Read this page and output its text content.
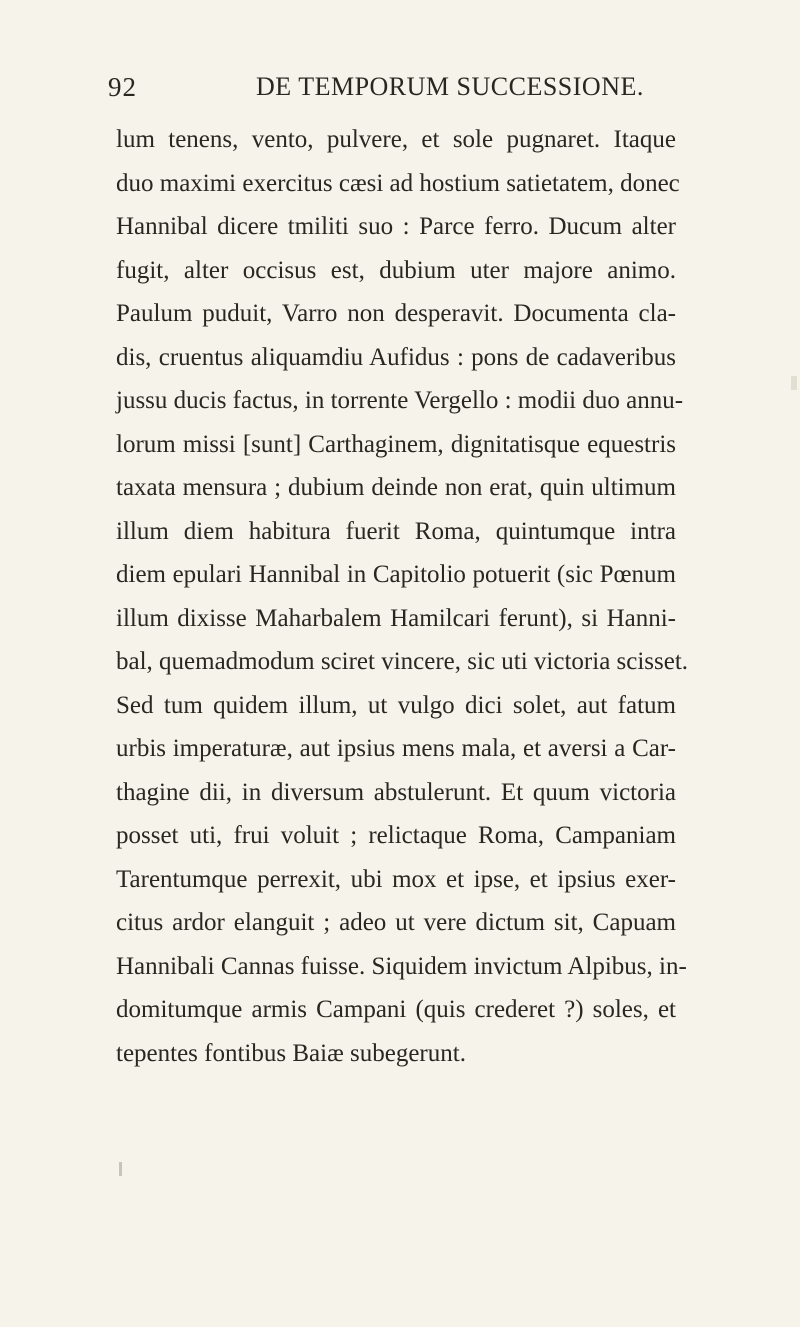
92	DE TEMPORUM SUCCESSIONE.
lum tenens, vento, pulvere, et sole pugnaret. Itaque
duo maximi exercitus cæsi ad hostium satietatem, donec
Hannibal dicere tmiliti suo : Parce ferro. Ducum alter
fugit, alter occisus est, dubium uter majore animo.
Paulum puduit, Varro non desperavit. Documenta cla-
dis, cruentus aliquamdiu Aufidus : pons de cadaveribus
jussu ducis factus, in torrente Vergello : modii duo annu-
lorum missi [sunt] Carthaginem, dignitatisque equestris
taxata mensura ; dubium deinde non erat, quin ultimum
illum diem habitura fuerit Roma, quintumque intra
diem epulari Hannibal in Capitolio potuerit (sic Pœnum
illum dixisse Maharbalem Hamilcari ferunt), si Hanni-
bal, quemadmodum sciret vincere, sic uti victoria scisset.
Sed tum quidem illum, ut vulgo dici solet, aut fatum
urbis imperaturæ, aut ipsius mens mala, et aversi a Car-
thagine dii, in diversum abstulerunt. Et quum victoria
posset uti, frui voluit ; relictaque Roma, Campaniam
Tarentumque perrexit, ubi mox et ipse, et ipsius exer-
citus ardor elanguit ; adeo ut vere dictum sit, Capuam
Hannibali Cannas fuisse. Siquidem invictum Alpibus, in-
domitumque armis Campani (quis crederet ?) soles, et
tepentes fontibus Baiæ subegerunt.
